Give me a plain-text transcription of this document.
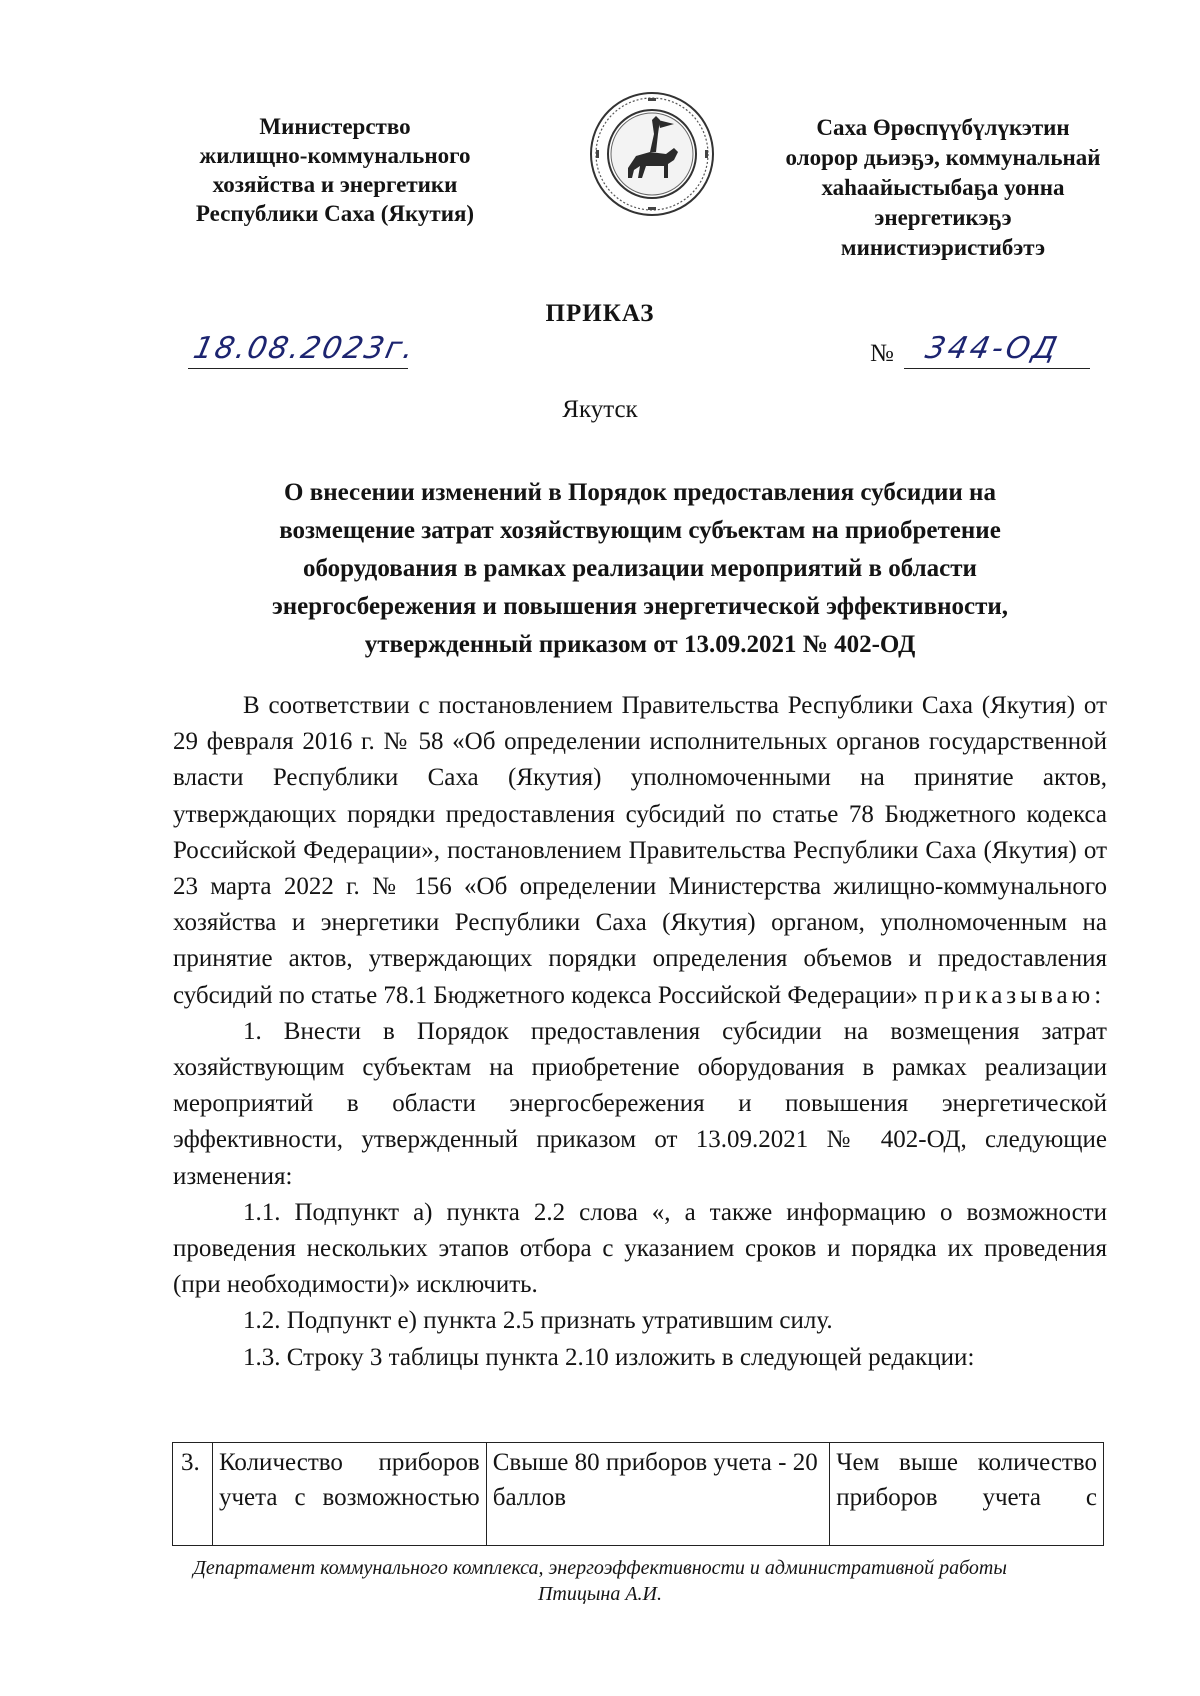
Министерство
жилищно-коммунального
хозяйства и энергетики
Республики Саха (Якутия)
Саха Өрөспүүбүлүкэтин
олорор дьиэҕэ, коммунальнай
хаһаайыстыбаҕа уонна
энергетикэҕэ
министиэристибэтэ
ПРИКАЗ
18.08.2023г.	№ 344-ОД
Якутск
О внесении изменений в Порядок предоставления субсидии на
возмещение затрат хозяйствующим субъектам на приобретение
оборудования в рамках реализации мероприятий в области
энергосбережения и повышения энергетической эффективности,
утвержденный приказом от 13.09.2021 № 402-ОД

В соответствии с постановлением Правительства Республики Саха (Якутия) от 29 февраля 2016 г. № 58 «Об определении исполнительных органов государственной власти Республики Саха (Якутия) уполномоченными на принятие актов, утверждающих порядки предоставления субсидий по статье 78 Бюджетного кодекса Российской Федерации», постановлением Правительства Республики Саха (Якутия) от 23 марта 2022 г. № 156 «Об определении Министерства жилищно-коммунального хозяйства и энергетики Республики Саха (Якутия) органом, уполномоченным на принятие актов, утверждающих порядки определения объемов и предоставления субсидий по статье 78.1 Бюджетного кодекса Российской Федерации» приказываю:

1. Внести в Порядок предоставления субсидии на возмещения затрат хозяйствующим субъектам на приобретение оборудования в рамках реализации мероприятий в области энергосбережения и повышения энергетической эффективности, утвержденный приказом от 13.09.2021 № 402-ОД, следующие изменения:

1.1. Подпункт а) пункта 2.2 слова «, а также информацию о возможности проведения нескольких этапов отбора с указанием сроков и порядка их проведения (при необходимости)» исключить.

1.2. Подпункт е) пункта 2.5 признать утратившим силу.

1.3. Строку 3 таблицы пункта 2.10 изложить в следующей редакции:

3.	Количество приборов учета с возможностью	Свыше 80 приборов учета - 20 баллов	Чем выше количество приборов учета с
Департамент коммунального комплекса, энергоэффективности и административной работы
Птицына А.И.
